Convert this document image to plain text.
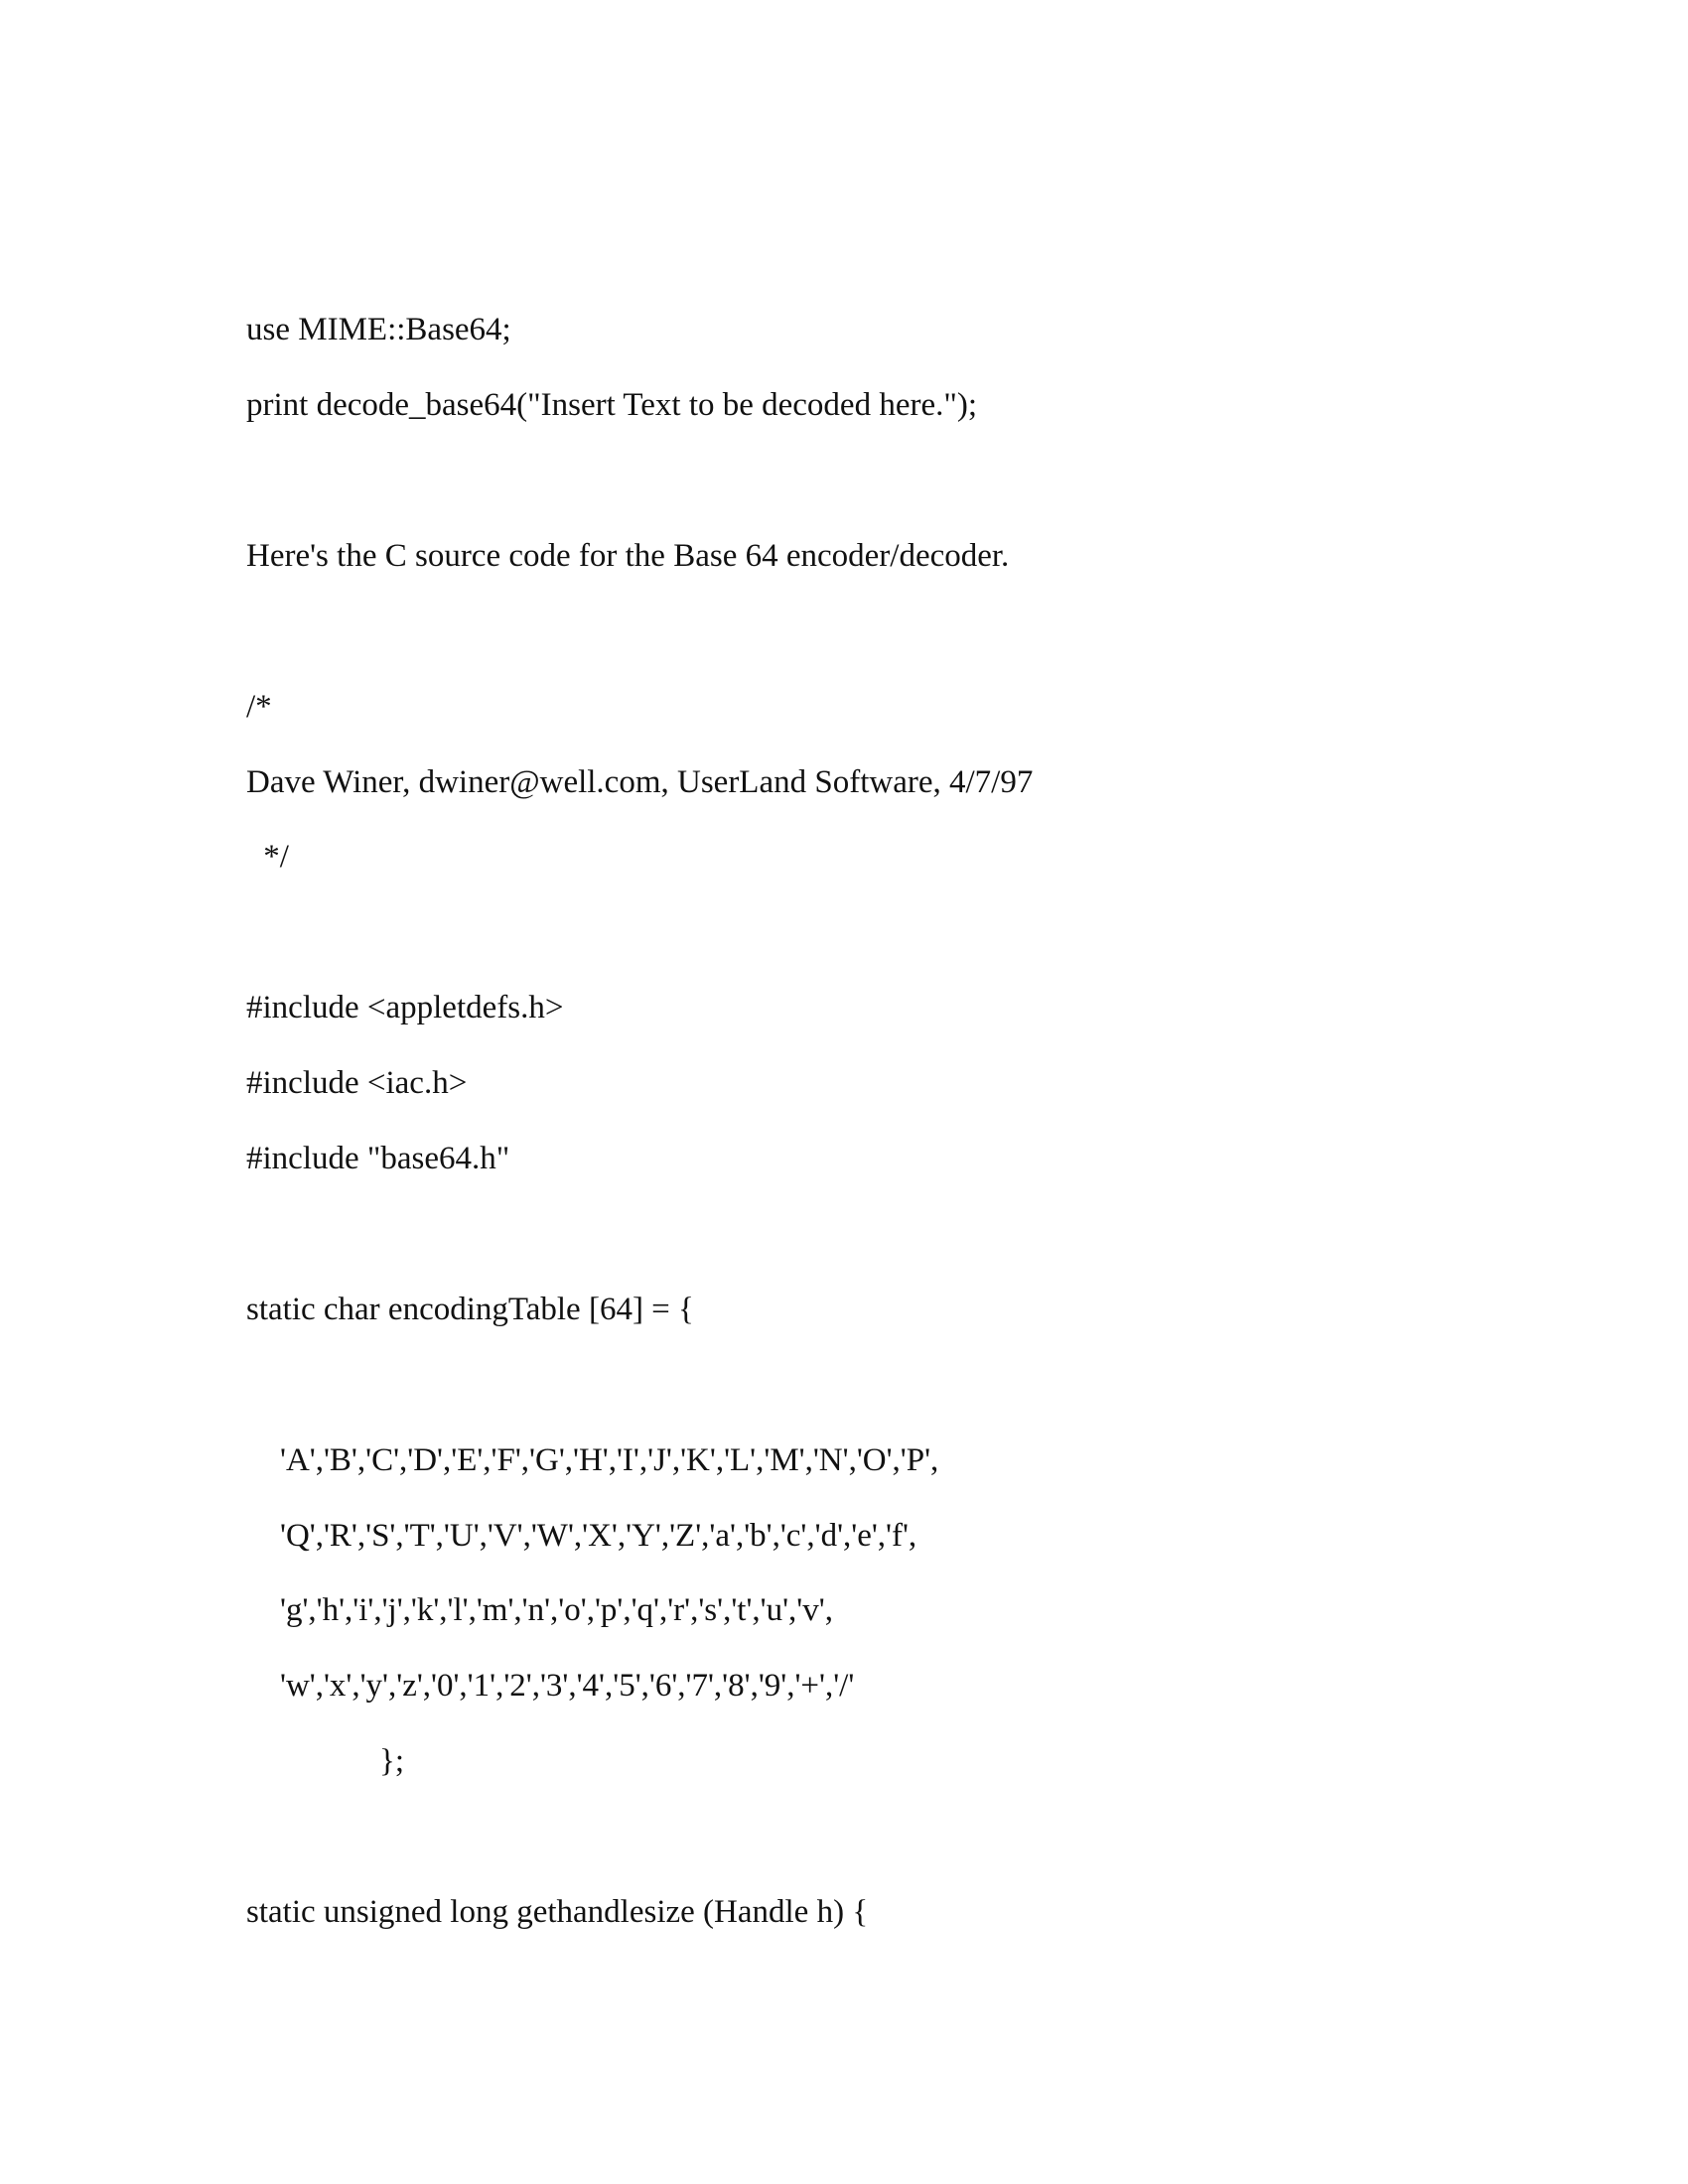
use MIME::Base64;
print decode_base64("Insert Text to be decoded here.");
Here's the C source code for the Base 64 encoder/decoder.
/*
Dave Winer, dwiner@well.com, UserLand Software, 4/7/97
*/
#include <appletdefs.h>
#include <iac.h>
#include "base64.h"
static char encodingTable [64] = {
'A','B','C','D','E','F','G','H','I','J','K','L','M','N','O','P',
'Q','R','S','T','U','V','W','X','Y','Z','a','b','c','d','e','f',
'g','h','i','j','k','l','m','n','o','p','q','r','s','t','u','v',
'w','x','y','z','0','1','2','3','4','5','6','7','8','9','+','/'
};
static unsigned long gethandlesize (Handle h) {
